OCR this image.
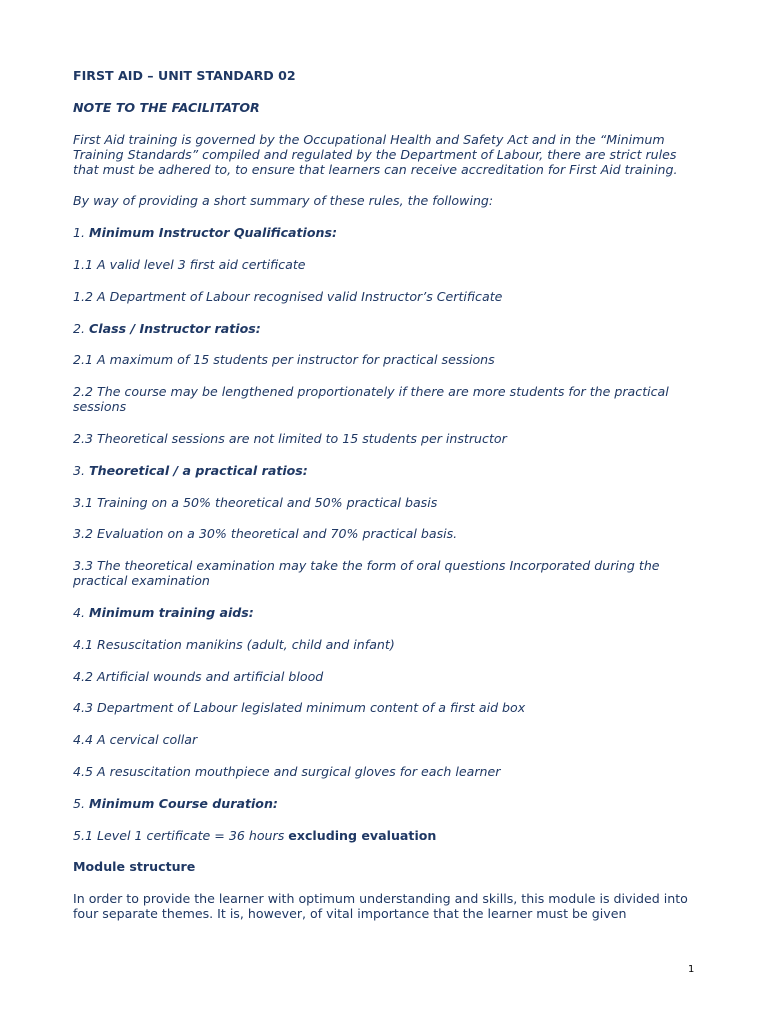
FIRST AID – UNIT STANDARD 02

NOTE TO THE FACILITATOR

First Aid training is governed by the Occupational Health and Safety Act and in the “Minimum Training Standards” compiled and regulated by the Department of Labour, there are strict rules that must be adhered to, to ensure that learners can receive accreditation for First Aid training.

By way of providing a short summary of these rules, the following:

1. Minimum Instructor Qualifications:

1.1 A valid level 3 first aid certificate

1.2 A Department of Labour recognised valid Instructor’s Certificate

2. Class / Instructor ratios:

2.1 A maximum of 15 students per instructor for practical sessions

2.2 The course may be lengthened proportionately if there are more students for the practical sessions

2.3 Theoretical sessions are not limited to 15 students per instructor

3. Theoretical / a practical ratios:

3.1 Training on a 50% theoretical and 50% practical basis

3.2 Evaluation on a 30% theoretical and 70% practical basis.

3.3 The theoretical examination may take the form of oral questions Incorporated during the practical examination

4. Minimum training aids:

4.1 Resuscitation manikins (adult, child and infant)

4.2 Artificial wounds and artificial blood

4.3 Department of Labour legislated minimum content of a first aid box

4.4 A cervical collar

4.5 A resuscitation mouthpiece and surgical gloves for each learner

5. Minimum Course duration:

5.1 Level 1 certificate = 36 hours excluding evaluation

Module structure

In order to provide the learner with optimum understanding and skills, this module is divided into four separate themes. It is, however, of vital importance that the learner must be given

1
